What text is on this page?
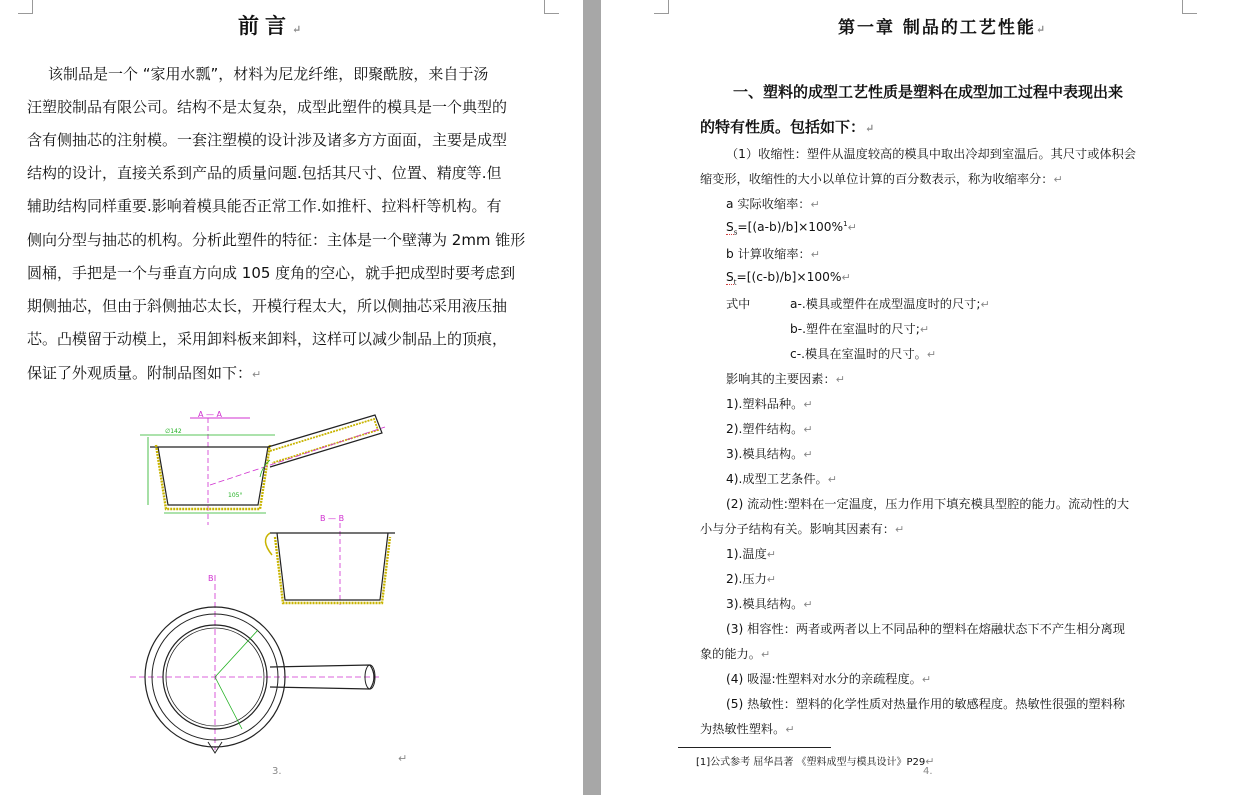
前言↵
该制品是一个 “家用水瓢”，材料为尼龙纤维，即聚酰胺，来自于汤
汪塑胶制品有限公司。结构不是太复杂，成型此塑件的模具是一个典型的
含有侧抽芯的注射模。一套注塑模的设计涉及诸多方方面面，主要是成型
结构的设计，直接关系到产品的质量问题.包括其尺寸、位置、精度等.但
辅助结构同样重要.影响着模具能否正常工作.如推杆、拉料杆等机构。有
侧向分型与抽芯的机构。分析此塑件的特征：主体是一个壁薄为 2mm 锥形
圆桶，手把是一个与垂直方向成 105 度角的空心，就手把成型时要考虑到
期侧抽芯，但由于斜侧抽芯太长，开模行程太大，所以侧抽芯采用液压抽
芯。凸模留于动模上，采用卸料板来卸料，这样可以减少制品上的顶痕，
保证了外观质量。附制品图如下：↵
A — A
∅142
105°
B — B
B
↵
3.
第一章 制品的工艺性能↵
一、塑料的成型工艺性质是塑料在成型加工过程中表现出来
的特有性质。包括如下：↵
（1）收缩性：塑件从温度较高的模具中取出冷却到室温后。其尺寸或体积会
缩变形，收缩性的大小以单位计算的百分数表示，称为收缩率分：↵
a 实际收缩率：↵
$S_s=[(a-b)/b]\times 100\%^1↵$
b 计算收缩率：↵
$S_t=[(c-b)/b]\times 100\%↵$
式中	a-.模具或塑件在成型温度时的尺寸;↵
b-.塑件在室温时的尺寸;↵
c-.模具在室温时的尺寸。↵
影响其的主要因素：↵
1).塑料品种。↵
2).塑件结构。↵
3).模具结构。↵
4).成型工艺条件。↵
(2) 流动性:塑料在一定温度，压力作用下填充模具型腔的能力。流动性的大
小与分子结构有关。影响其因素有：↵
1).温度↵
2).压力↵
3).模具结构。↵
(3) 相容性：两者或两者以上不同品种的塑料在熔融状态下不产生相分离现
象的能力。↵
(4) 吸湿:性塑料对水分的亲疏程度。↵
(5) 热敏性：塑料的化学性质对热量作用的敏感程度。热敏性很强的塑料称
为热敏性塑料。↵
[1]公式参考 屈华昌著 《塑料成型与模具设计》P29↵
4.
